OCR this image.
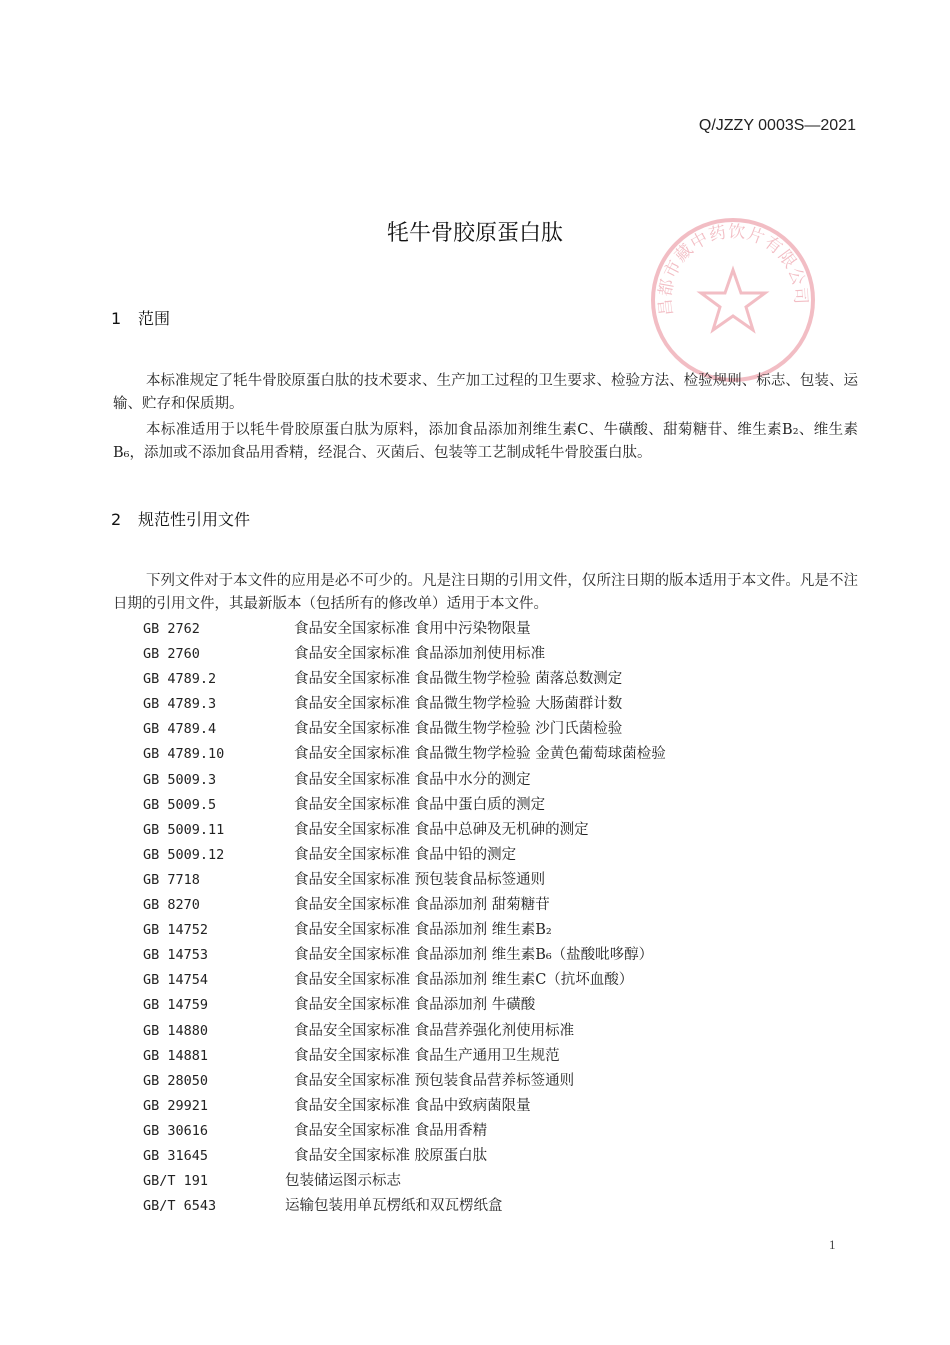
Q/JZZY 0003S—2021
牦牛骨胶原蛋白肽
昌都市藏中药饮片有限公司
1 范围
本标准规定了牦牛骨胶原蛋白肽的技术要求、生产加工过程的卫生要求、检验方法、检验规则、标志、包装、运输、贮存和保质期。
本标准适用于以牦牛骨胶原蛋白肽为原料，添加食品添加剂维生素C、牛磺酸、甜菊糖苷、维生素B₂、维生素B₆，添加或不添加食品用香精，经混合、灭菌后、包装等工艺制成牦牛骨胶蛋白肽。
2 规范性引用文件
下列文件对于本文件的应用是必不可少的。凡是注日期的引用文件，仅所注日期的版本适用于本文件。凡是不注日期的引用文件，其最新版本（包括所有的修改单）适用于本文件。
GB 2762	食品安全国家标准 食用中污染物限量
GB 2760	食品安全国家标准 食品添加剂使用标准
GB 4789.2	食品安全国家标准 食品微生物学检验 菌落总数测定
GB 4789.3	食品安全国家标准 食品微生物学检验 大肠菌群计数
GB 4789.4	食品安全国家标准 食品微生物学检验 沙门氏菌检验
GB 4789.10	食品安全国家标准 食品微生物学检验 金黄色葡萄球菌检验
GB 5009.3	食品安全国家标准 食品中水分的测定
GB 5009.5	食品安全国家标准 食品中蛋白质的测定
GB 5009.11	食品安全国家标准 食品中总砷及无机砷的测定
GB 5009.12	食品安全国家标准 食品中铅的测定
GB 7718	食品安全国家标准 预包装食品标签通则
GB 8270	食品安全国家标准 食品添加剂 甜菊糖苷
GB 14752	食品安全国家标准 食品添加剂 维生素B₂
GB 14753	食品安全国家标准 食品添加剂 维生素B₆（盐酸吡哆醇）
GB 14754	食品安全国家标准 食品添加剂 维生素C（抗坏血酸）
GB 14759	食品安全国家标准 食品添加剂 牛磺酸
GB 14880	食品安全国家标准 食品营养强化剂使用标准
GB 14881	食品安全国家标准 食品生产通用卫生规范
GB 28050	食品安全国家标准 预包装食品营养标签通则
GB 29921	食品安全国家标准 食品中致病菌限量
GB 30616	食品安全国家标准 食品用香精
GB 31645	食品安全国家标准 胶原蛋白肽
GB/T 191	包装储运图示标志
GB/T 6543	运输包装用单瓦楞纸和双瓦楞纸盒
1
